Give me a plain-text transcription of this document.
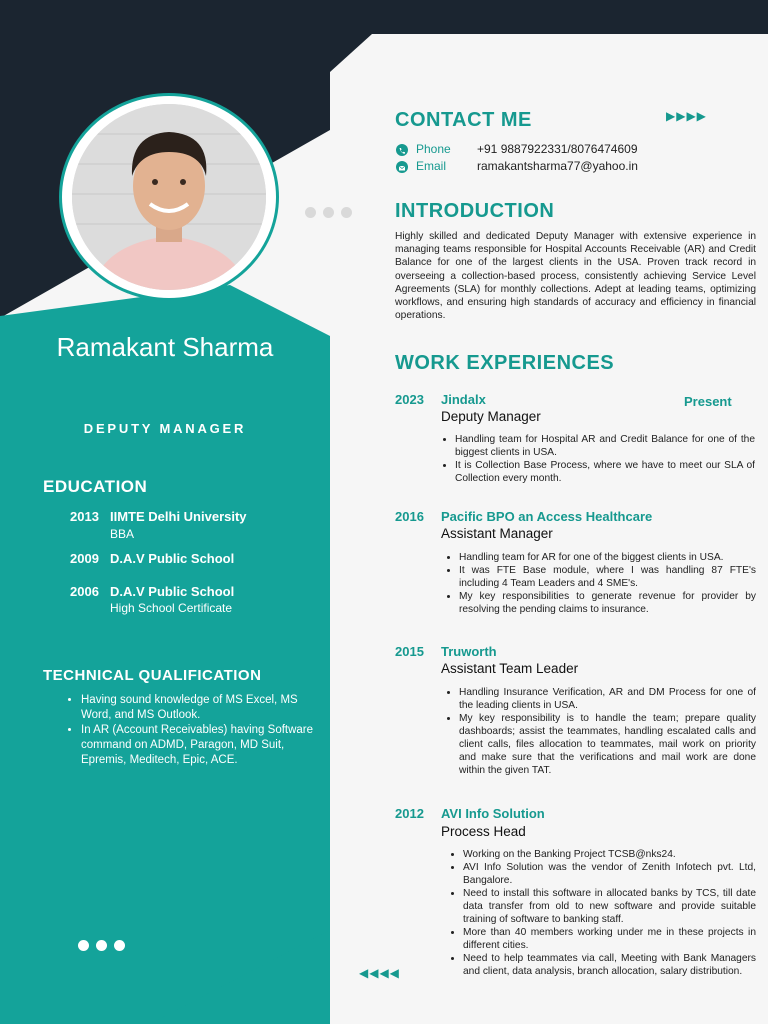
Ramakant Sharma
DEPUTY MANAGER
EDUCATION
2013 IIMTE Delhi University
BBA
2009 D.A.V Public School
2006 D.A.V Public School
High School Certificate
TECHNICAL QUALIFICATION
• Having sound knowledge of MS Excel, MS Word, and MS Outlook.
• In AR (Account Receivables) having Software command on ADMD, Paragon, MD Suit, Epremis, Meditech, Epic, ACE.
CONTACT ME	▶▶▶▶
Phone +91 9887922331/8076474609
Email	ramakantsharma77@yahoo.in
INTRODUCTION
Highly skilled and dedicated Deputy Manager with extensive experience in managing teams responsible for Hospital Accounts Receivable (AR) and Credit Balance for one of the largest clients in the USA. Proven track record in overseeing a collection-based process, consistently achieving Service Level Agreements (SLA) for monthly collections. Adept at leading teams, optimizing workflows, and ensuring high standards of accuracy and efficiency in financial operations.
WORK EXPERIENCES
2023 Jindalx	Present
Deputy Manager
• Handling team for Hospital AR and Credit Balance for one of the biggest clients in USA.
• It is Collection Base Process, where we have to meet our SLA of Collection every month.
2016 Pacific BPO an Access Healthcare
Assistant Manager
• Handling team for AR for one of the biggest clients in USA.
• It was FTE Base module, where I was handling 87 FTE's including 4 Team Leaders and 4 SME's.
• My key responsibilities to generate revenue for provider by resolving the pending claims to insurance.
2015 Truworth
Assistant Team Leader
• Handling Insurance Verification, AR and DM Process for one of the leading clients in USA.
• My key responsibility is to handle the team; prepare quality dashboards; assist the teammates, handling escalated calls and client calls, files allocation to teammates, mail work on priority and make sure that the verifications and mail work are done within the given TAT.
2012 AVI Info Solution
Process Head
• Working on the Banking Project TCSB@nks24.
• AVI Info Solution was the vendor of Zenith Infotech pvt. Ltd, Bangalore.
• Need to install this software in allocated banks by TCS, till date data transfer from old to new software and provide suitable training of software to banking staff.
• More than 40 members working under me in these projects in different cities.
• Need to help teammates via call, Meeting with Bank Managers and client, data analysis, branch allocation, salary distribution.
◀◀◀◀
